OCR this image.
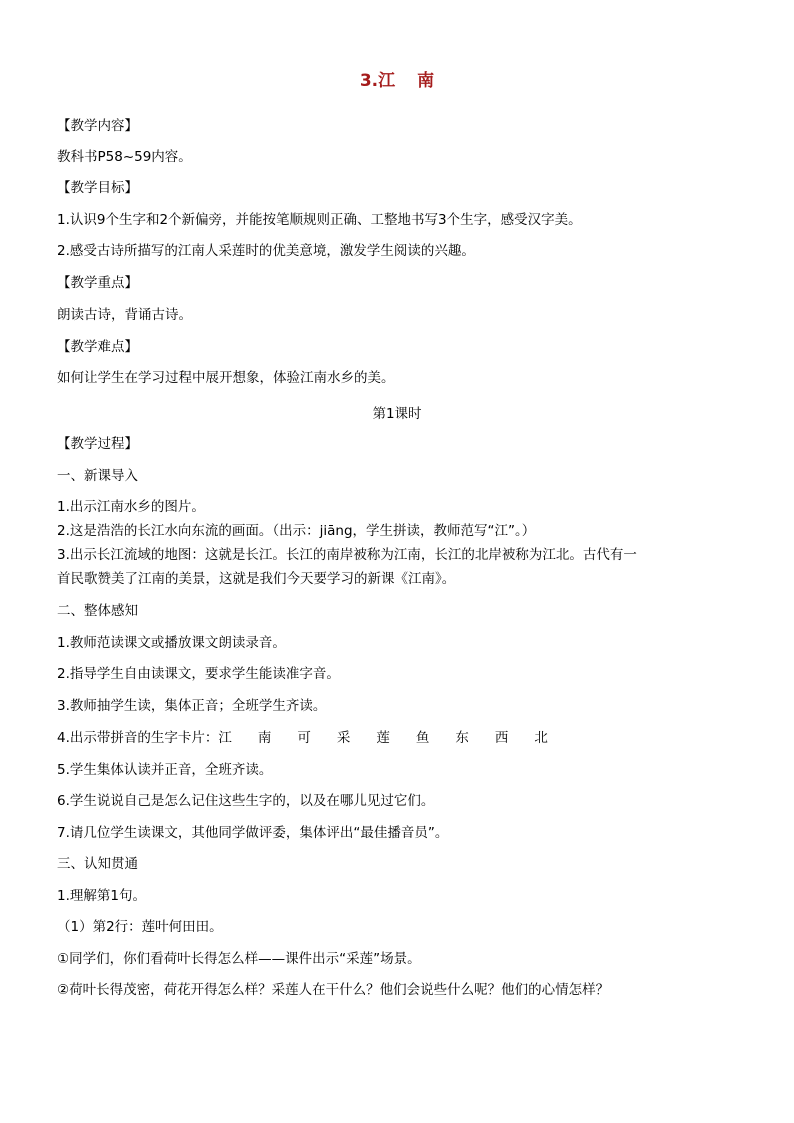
3.江 南
【教学内容】
教科书P58~59内容。
【教学目标】
1.认识9个生字和2个新偏旁，并能按笔顺规则正确、工整地书写3个生字，感受汉字美。
2.感受古诗所描写的江南人采莲时的优美意境，激发学生阅读的兴趣。
【教学重点】
朗读古诗，背诵古诗。
【教学难点】
如何让学生在学习过程中展开想象，体验江南水乡的美。
第1课时
【教学过程】
一、新课导入
1.出示江南水乡的图片。
2.这是浩浩的长江水向东流的画面。（出示：jiāng，学生拼读，教师范写“江”。）
3.出示长江流域的地图：这就是长江。长江的南岸被称为江南，长江的北岸被称为江北。古代有一
首民歌赞美了江南的美景，这就是我们今天要学习的新课《江南》。
二、整体感知
1.教师范读课文或播放课文朗读录音。
2.指导学生自由读课文，要求学生能读准字音。
3.教师抽学生读，集体正音；全班学生齐读。
4.出示带拼音的生字卡片：江 南 可 采 莲 鱼 东 西 北
5.学生集体认读并正音，全班齐读。
6.学生说说自己是怎么记住这些生字的，以及在哪儿见过它们。
7.请几位学生读课文，其他同学做评委，集体评出“最佳播音员”。
三、认知贯通
1.理解第1句。
（1）第2行：莲叶何田田。
①同学们，你们看荷叶长得怎么样——课件出示“采莲”场景。
②荷叶长得茂密，荷花开得怎么样？采莲人在干什么？他们会说些什么呢？他们的心情怎样？
